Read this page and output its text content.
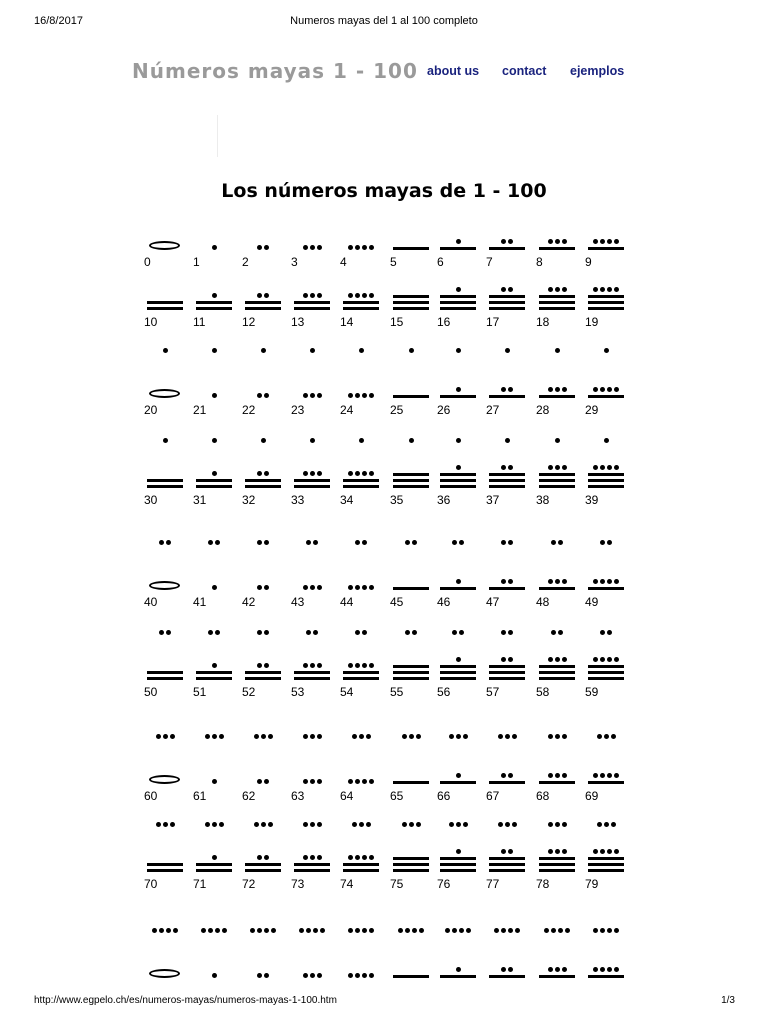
16/8/2017	Numeros mayas del 1 al 100 completo
Números mayas 1 - 100 about us contact ejemplos
Los números mayas de 1 - 100
0	1	2	3	4	5	6	7	8	9
10	11	12	13	14	15	16	17	18	19
20	21	22	23	24	25	26	27	28	29
30	31	32	33	34	35	36	37	38	39
40	41	42	43	44	45	46	47	48	49
50	51	52	53	54	55	56	57	58	59
60	61	62	63	64	65	66	67	68	69
70	71	72	73	74	75	76	77	78	79
http://www.egpelo.ch/es/numeros-mayas/numeros-mayas-1-100.htm	1/3
